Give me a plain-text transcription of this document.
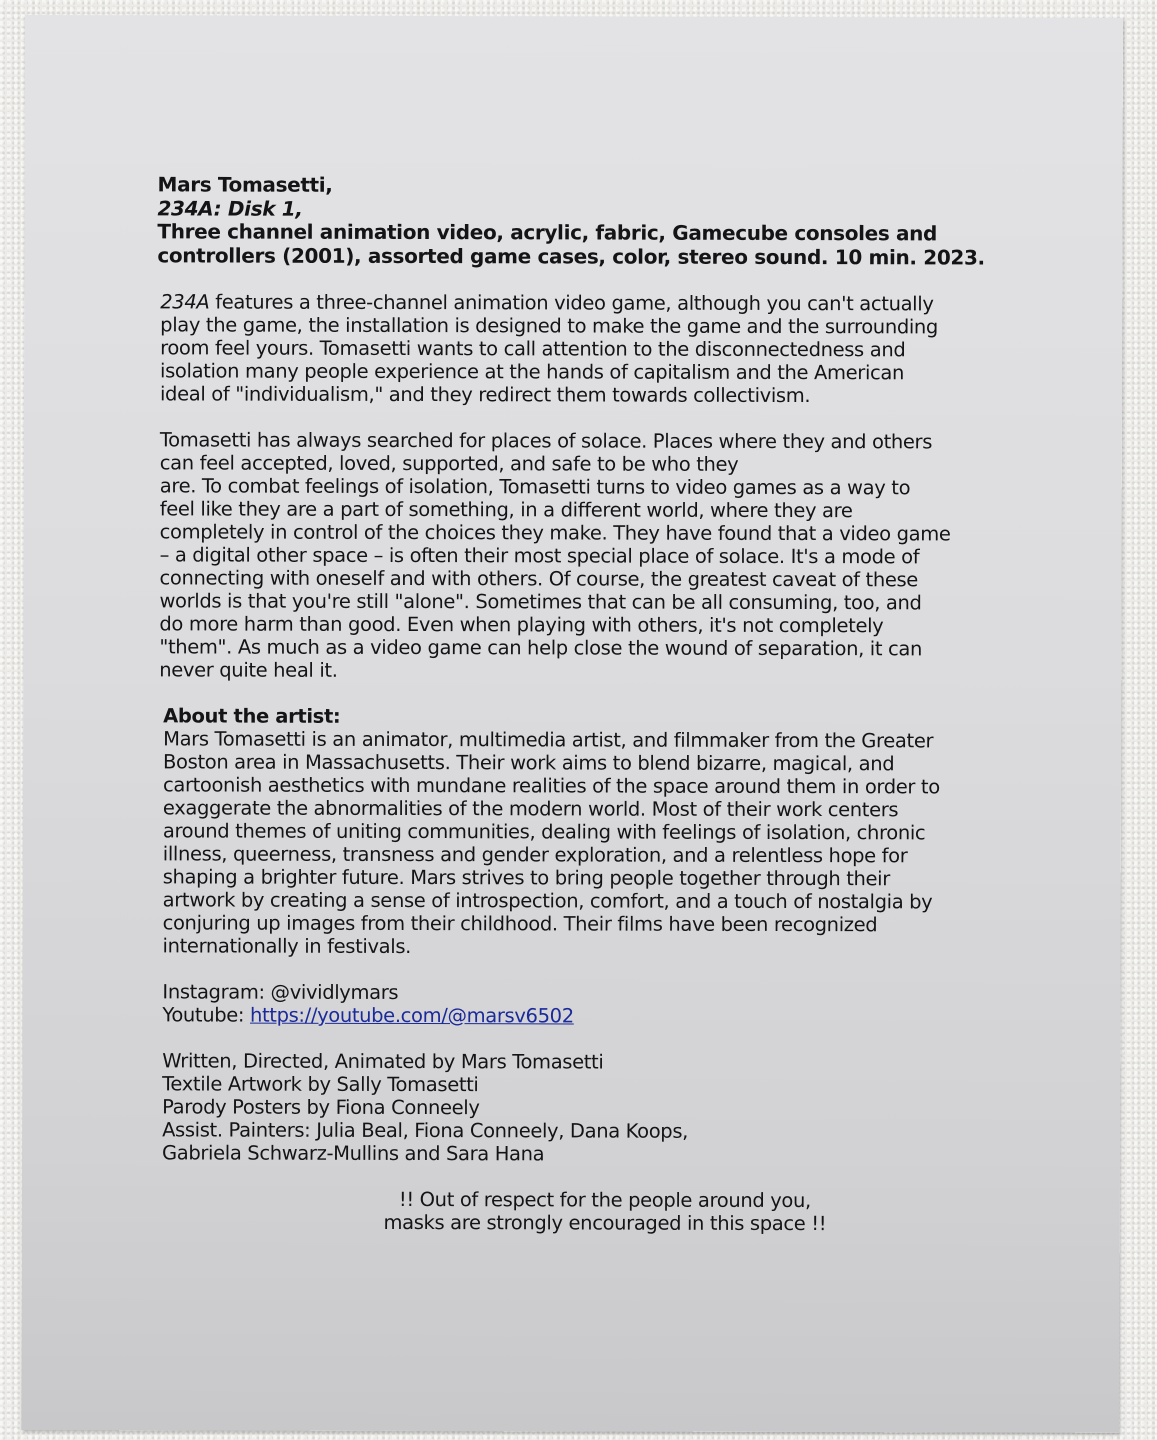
Mars Tomasetti,
234A: Disk 1,
Three channel animation video, acrylic, fabric, Gamecube consoles and
controllers (2001), assorted game cases, color, stereo sound. 10 min. 2023.
234A features a three-channel animation video game, although you can't actually
play the game, the installation is designed to make the game and the surrounding
room feel yours. Tomasetti wants to call attention to the disconnectedness and
isolation many people experience at the hands of capitalism and the American
ideal of "individualism," and they redirect them towards collectivism.
Tomasetti has always searched for places of solace. Places where they and others
can feel accepted, loved, supported, and safe to be who they
are. To combat feelings of isolation, Tomasetti turns to video games as a way to
feel like they are a part of something, in a different world, where they are
completely in control of the choices they make. They have found that a video game
– a digital other space – is often their most special place of solace. It's a mode of
connecting with oneself and with others. Of course, the greatest caveat of these
worlds is that you're still "alone". Sometimes that can be all consuming, too, and
do more harm than good. Even when playing with others, it's not completely
"them". As much as a video game can help close the wound of separation, it can
never quite heal it.
About the artist:
Mars Tomasetti is an animator, multimedia artist, and filmmaker from the Greater
Boston area in Massachusetts. Their work aims to blend bizarre, magical, and
cartoonish aesthetics with mundane realities of the space around them in order to
exaggerate the abnormalities of the modern world. Most of their work centers
around themes of uniting communities, dealing with feelings of isolation, chronic
illness, queerness, transness and gender exploration, and a relentless hope for
shaping a brighter future. Mars strives to bring people together through their
artwork by creating a sense of introspection, comfort, and a touch of nostalgia by
conjuring up images from their childhood. Their films have been recognized
internationally in festivals.
Instagram: @vividlymars
Youtube: https://youtube.com/@marsv6502
Written, Directed, Animated by Mars Tomasetti
Textile Artwork by Sally Tomasetti
Parody Posters by Fiona Conneely
Assist. Painters: Julia Beal, Fiona Conneely, Dana Koops,
Gabriela Schwarz-Mullins and Sara Hana
!! Out of respect for the people around you,
masks are strongly encouraged in this space !!
